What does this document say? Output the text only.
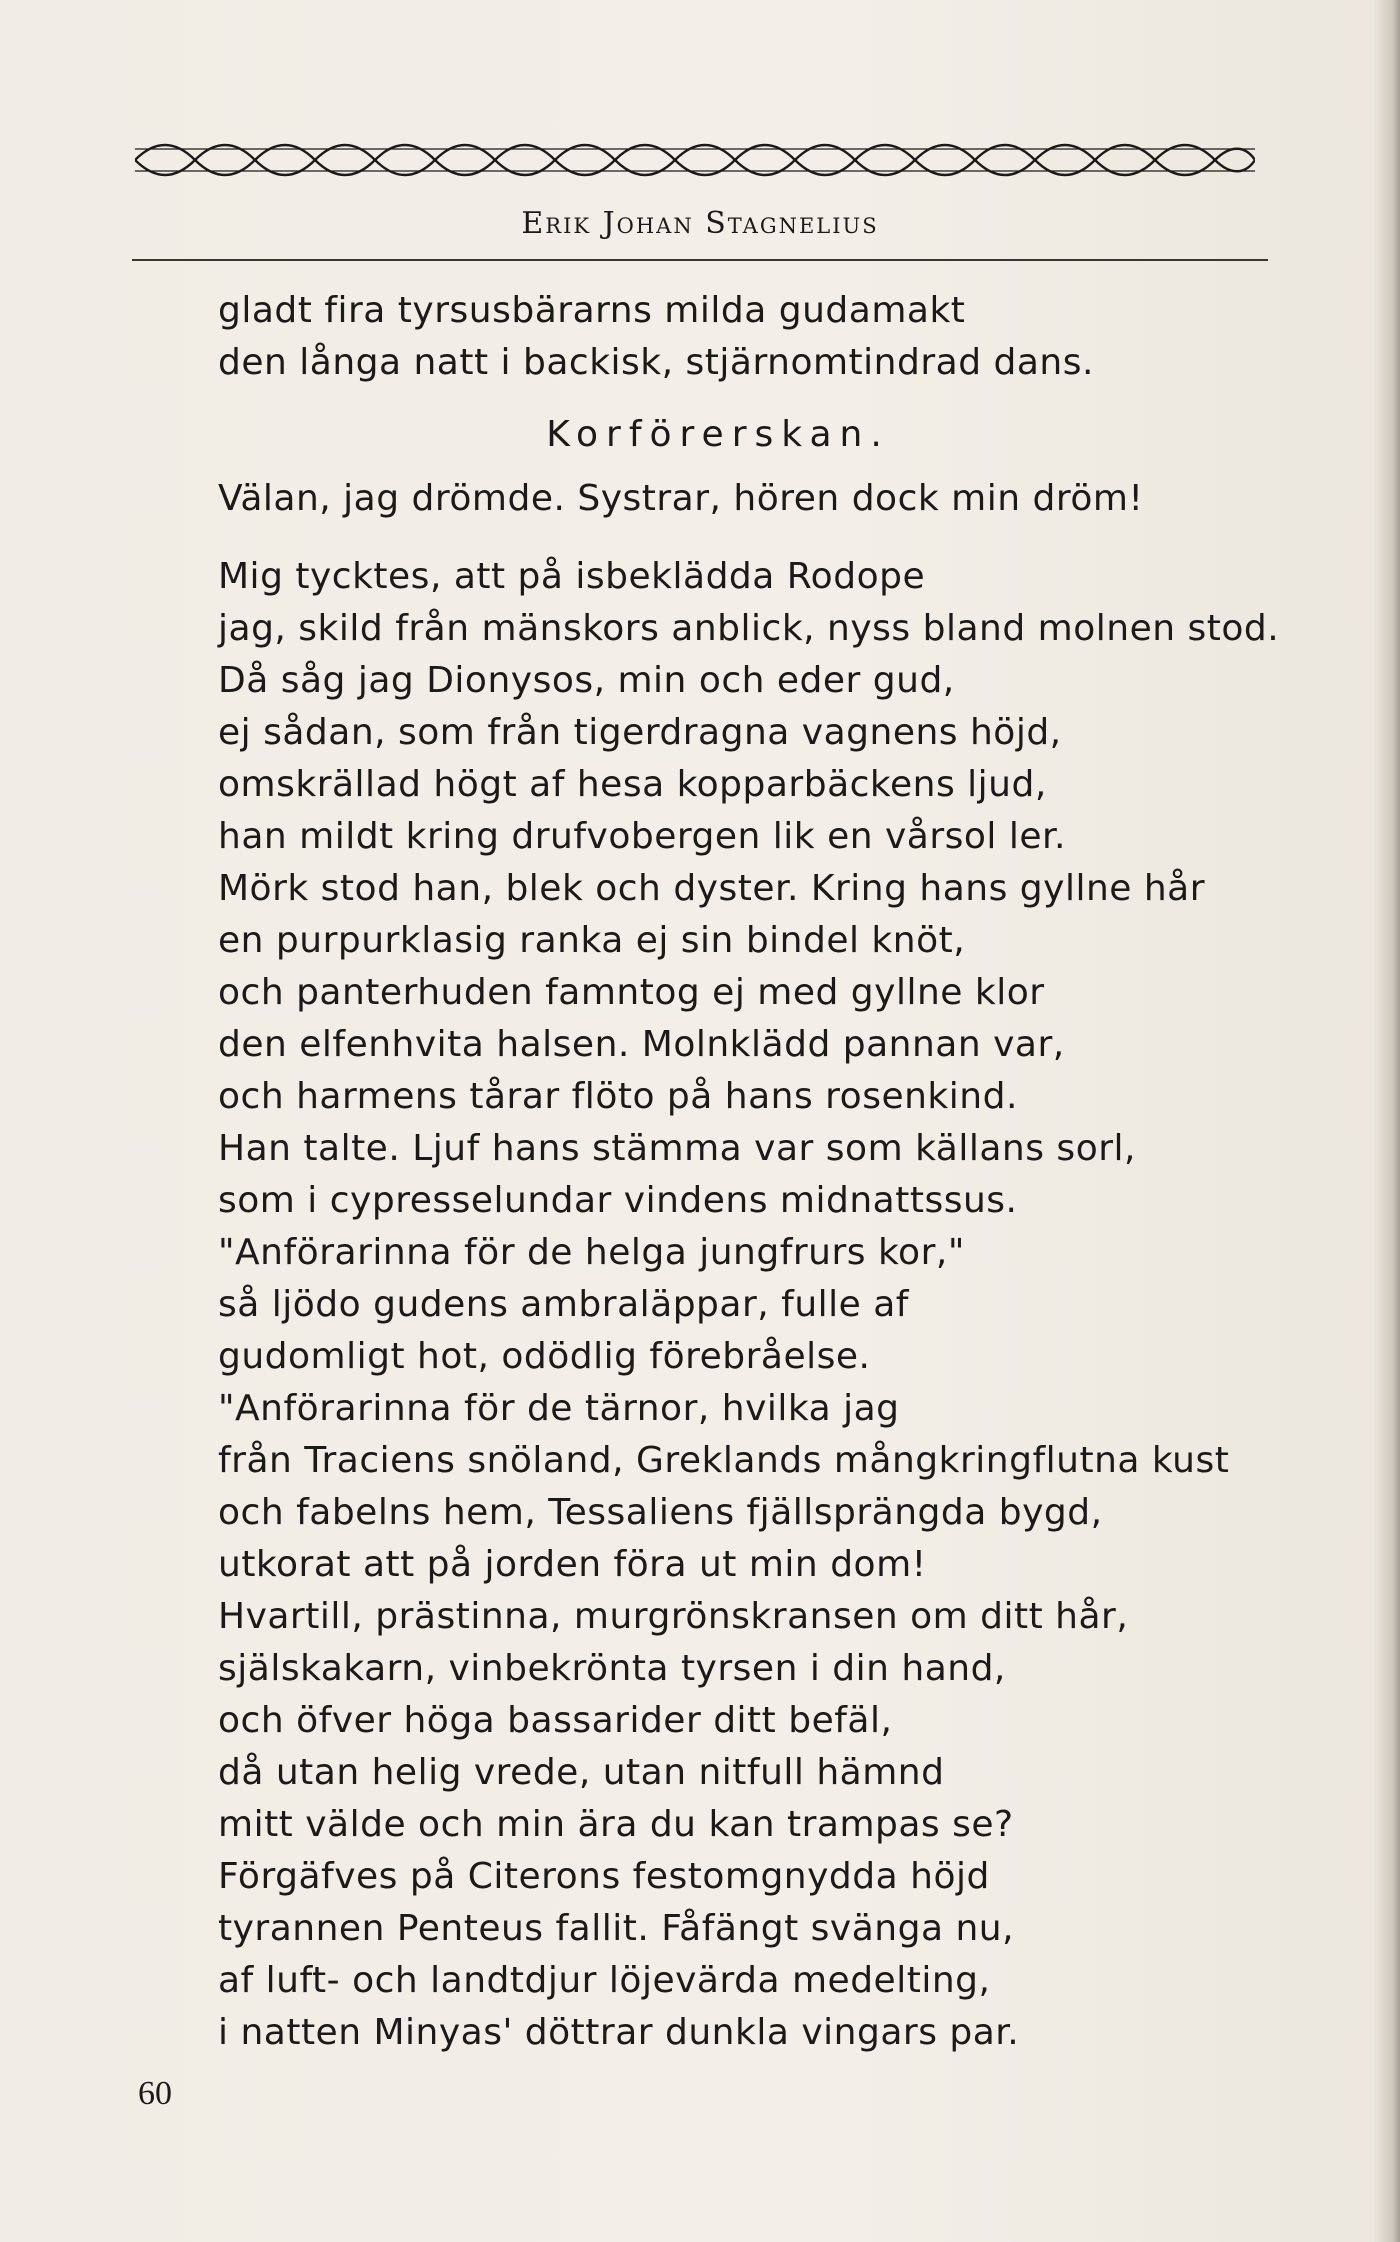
Erik Johan Stagnelius
gladt fira tyrsusbärarns milda gudamakt
den långa natt i backisk, stjärnomtindrad dans.
Korförerskan.
Välan, jag drömde. Systrar, hören dock min dröm!
Mig tycktes, att på isbeklädda Rodope
jag, skild från mänskors anblick, nyss bland molnen stod.
Då såg jag Dionysos, min och eder gud,
ej sådan, som från tigerdragna vagnens höjd,
omskrällad högt af hesa kopparbäckens ljud,
han mildt kring drufvobergen lik en vårsol ler.
Mörk stod han, blek och dyster. Kring hans gyllne hår
en purpurklasig ranka ej sin bindel knöt,
och panterhuden famntog ej med gyllne klor
den elfenhvita halsen. Molnklädd pannan var,
och harmens tårar flöto på hans rosenkind.
Han talte. Ljuf hans stämma var som källans sorl,
som i cypresselundar vindens midnattssus.
"Anförarinna för de helga jungfrurs kor,"
så ljödo gudens ambraläppar, fulle af
gudomligt hot, odödlig förebråelse.
"Anförarinna för de tärnor, hvilka jag
från Traciens snöland, Greklands mångkringflutna kust
och fabelns hem, Tessaliens fjällsprängda bygd,
utkorat att på jorden föra ut min dom!
Hvartill, prästinna, murgrönskransen om ditt hår,
själskakarn, vinbekrönta tyrsen i din hand,
och öfver höga bassarider ditt befäl,
då utan helig vrede, utan nitfull hämnd
mitt välde och min ära du kan trampas se?
Förgäfves på Citerons festomgnydda höjd
tyrannen Penteus fallit. Fåfängt svänga nu,
af luft- och landtdjur löjevärda medelting,
i natten Minyas' döttrar dunkla vingars par.
60
